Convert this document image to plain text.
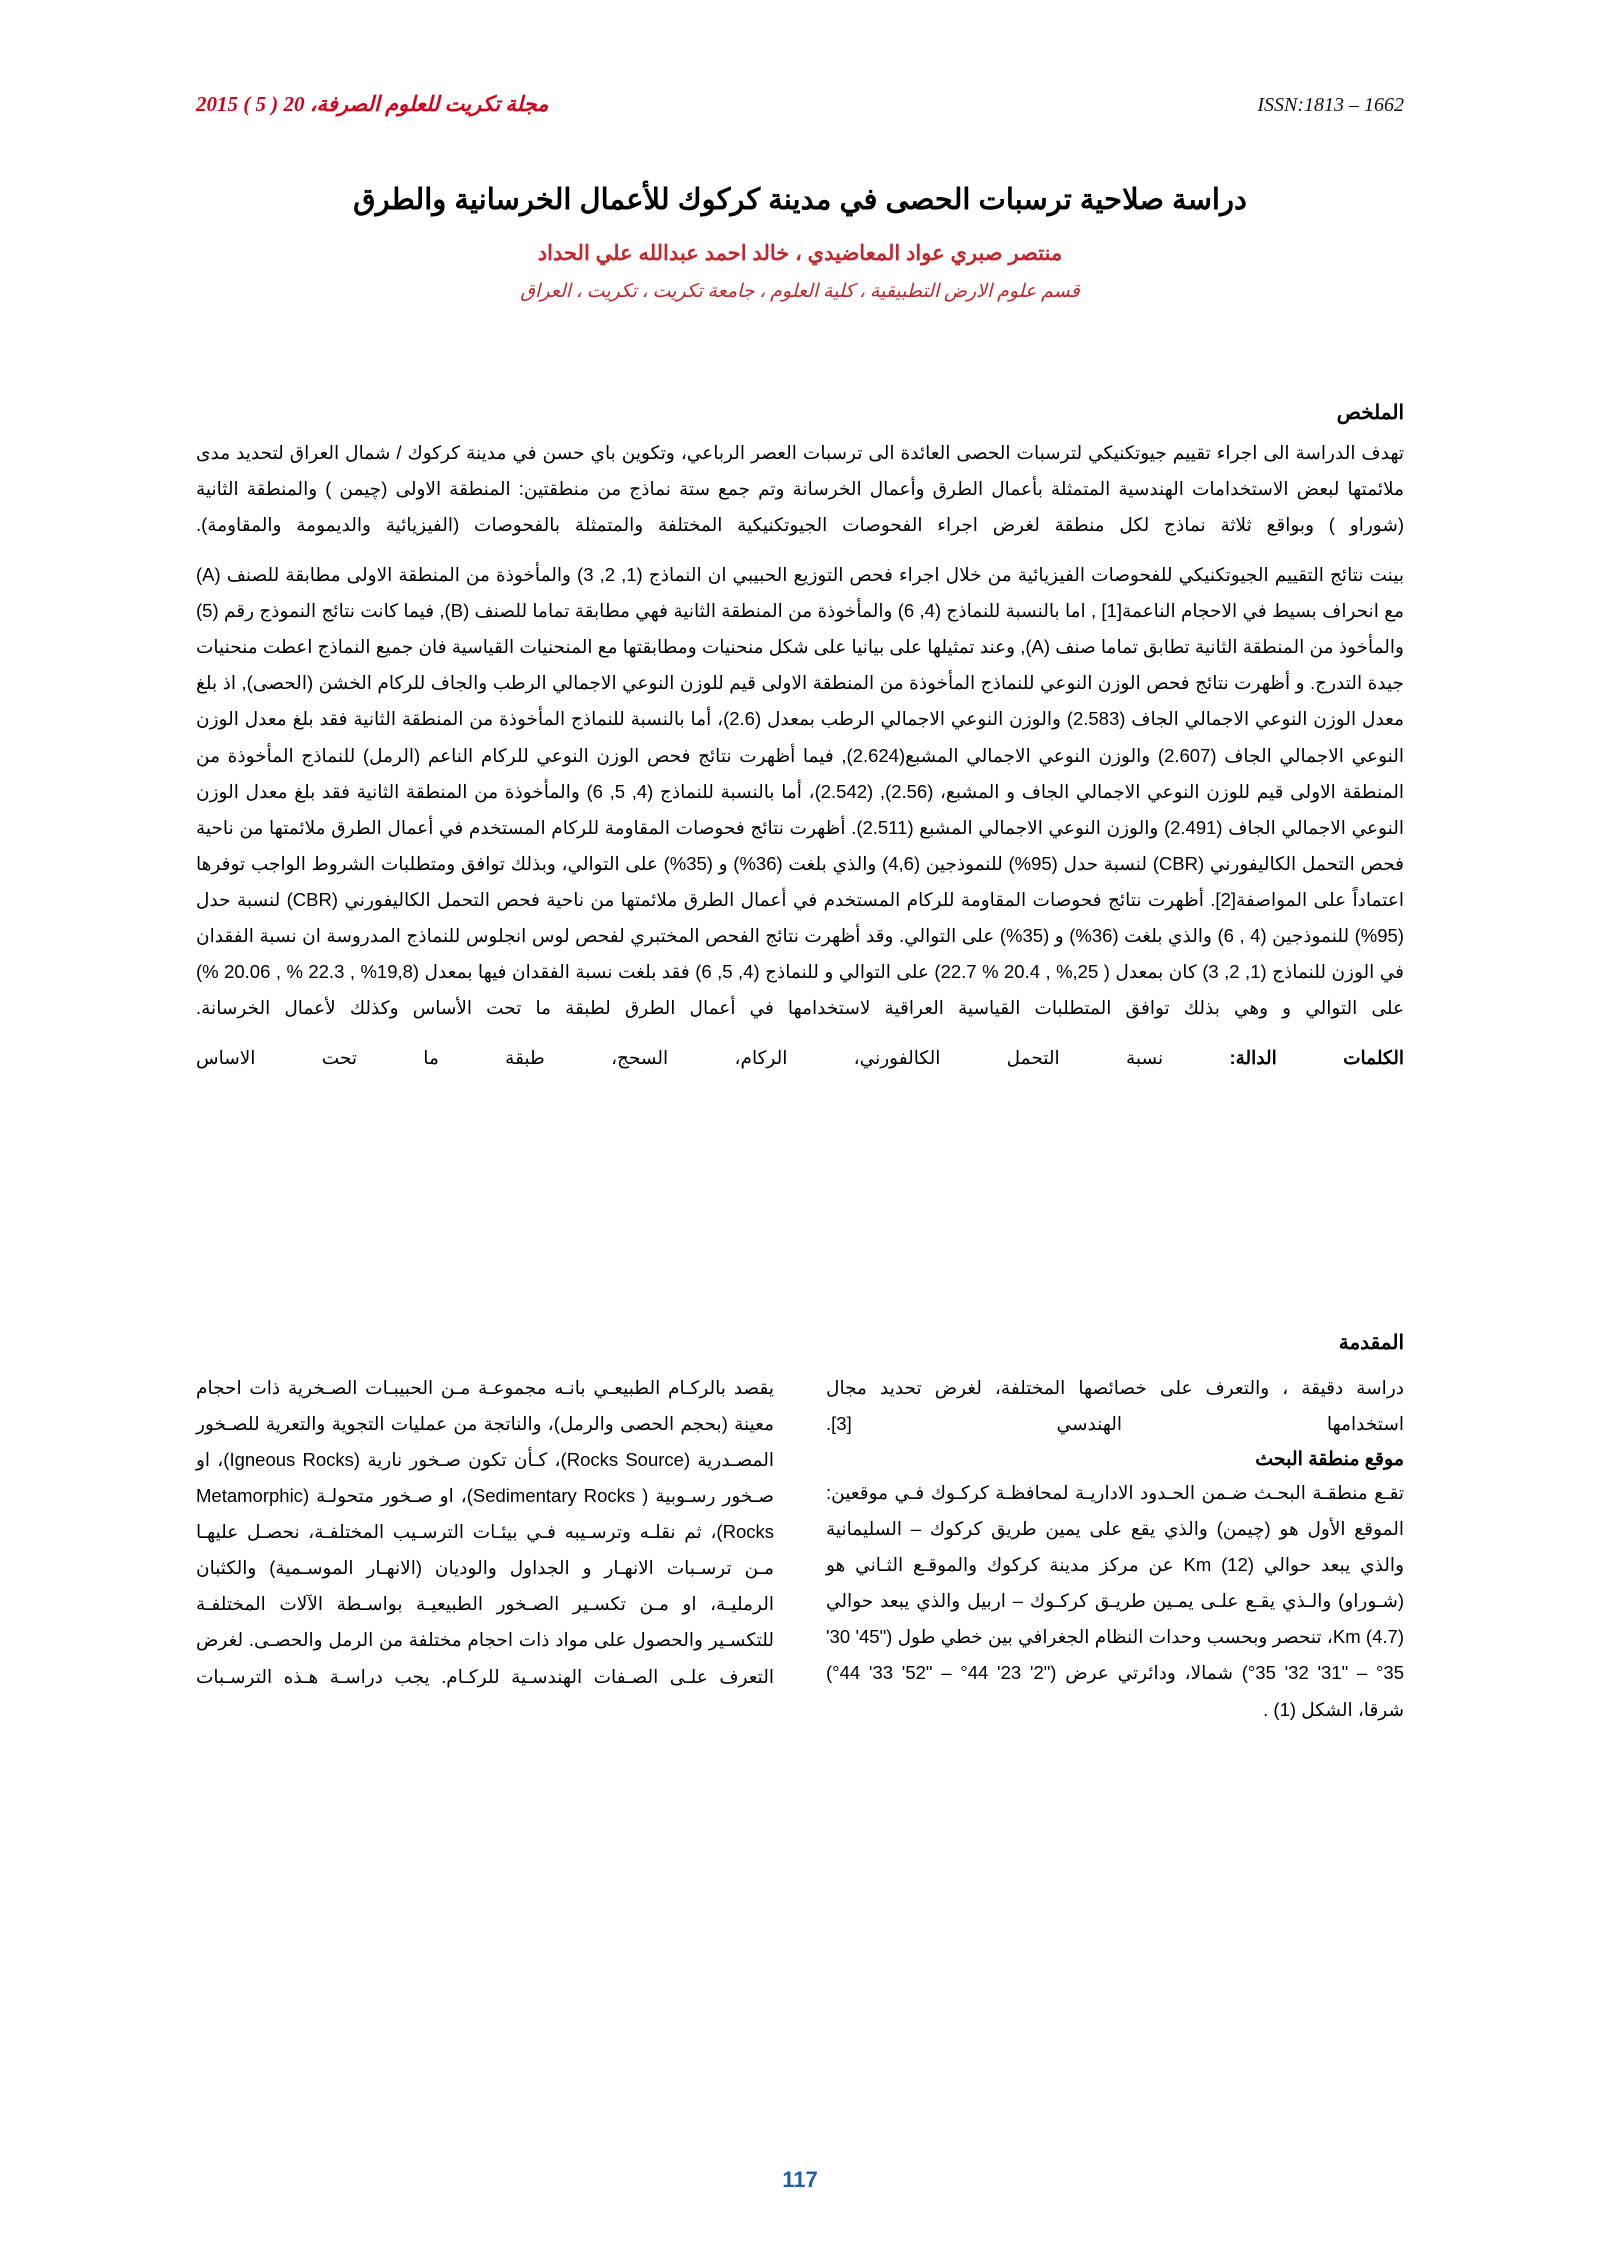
مجلة تكريت للعلوم الصرفة، 20 ( 5 ) 2015	ISSN:1813 – 1662
دراسة صلاحية ترسبات الحصى في مدينة كركوك للأعمال الخرسانية والطرق
منتصر صبري عواد المعاضيدي ، خالد احمد عبدالله علي الحداد
قسم علوم الارض التطبيقية ، كلية العلوم ، جامعة تكريت ، تكريت ، العراق
الملخص

تهدف الدراسة الى اجراء تقييم جيوتكنيكي لترسبات الحصى العائدة الى ترسبات العصر الرباعي، وتكوين باي حسن في مدينة كركوك / شمال العراق لتحديد مدى ملائمتها لبعض الاستخدامات الهندسية المتمثلة بأعمال الطرق وأعمال الخرسانة وتم جمع ستة نماذج من منطقتين: المنطقة الاولى (چيمن ) والمنطقة الثانية (شوراو ) وبواقع ثلاثة نماذج لكل منطقة لغرض اجراء الفحوصات الجيوتكنيكية المختلفة والمتمثلة بالفحوصات (الفيزيائية والديمومة والمقاومة).

بينت نتائج التقييم الجيوتكنيكي للفحوصات الفيزيائية من خلال اجراء فحص التوزيع الحبيبي ان النماذج (1, 2, 3) والمأخوذة من المنطقة الاولى مطابقة للصنف (A) مع انحراف بسيط في الاحجام الناعمة[1] , اما بالنسبة للنماذج (4, 6) والمأخوذة من المنطقة الثانية فهي مطابقة تماما للصنف (B), فيما كانت نتائج النموذج رقم (5) والمأخوذ من المنطقة الثانية تطابق تماما صنف (A), وعند تمثيلها على بيانيا على شكل منحنيات ومطابقتها مع المنحنيات القياسية فان جميع النماذج اعطت منحنيات جيدة التدرج. و أظهرت نتائج فحص الوزن النوعي للنماذج المأخوذة من المنطقة الاولى قيم للوزن النوعي الاجمالي الرطب والجاف للركام الخشن (الحصى), اذ بلغ معدل الوزن النوعي الاجمالي الجاف (2.583) والوزن النوعي الاجمالي الرطب بمعدل (2.6)، أما بالنسبة للنماذج المأخوذة من المنطقة الثانية فقد بلغ معدل الوزن النوعي الاجمالي الجاف (2.607) والوزن النوعي الاجمالي المشبع(2.624), فيما أظهرت نتائج فحص الوزن النوعي للركام الناعم (الرمل) للنماذج المأخوذة من المنطقة الاولى قيم للوزن النوعي الاجمالي الجاف و المشبع، (2.56), (2.542)، أما بالنسبة للنماذج (4, 5, 6) والمأخوذة من المنطقة الثانية فقد بلغ معدل الوزن النوعي الاجمالي الجاف (2.491) والوزن النوعي الاجمالي المشبع (2.511). أظهرت نتائج فحوصات المقاومة للركام المستخدم في أعمال الطرق ملائمتها من ناحية فحص التحمل الكاليفورني (CBR) لنسبة حدل (95%) للنموذجين (4,6) والذي بلغت (36%) و (35%) على التوالي، وبذلك توافق ومتطلبات الشروط الواجب توفرها اعتماداً على المواصفة[2]. أظهرت نتائج فحوصات المقاومة للركام المستخدم في أعمال الطرق ملائمتها من ناحية فحص التحمل الكاليفورني (CBR) لنسبة حدل (95%) للنموذجين (4 , 6) والذي بلغت (36%) و (35%) على التوالي. وقد أظهرت نتائج الفحص المختبري لفحص لوس انجلوس للنماذج المدروسة ان نسبة الفقدان في الوزن للنماذج (1, 2, 3) كان بمعدل ( 25,% , 20.4 % 22.7) على التوالي و للنماذج (4, 5, 6) فقد بلغت نسبة الفقدان فيها بمعدل (19,8% , 22.3 % , 20.06 %) على التوالي و وهي بذلك توافق المتطلبات القياسية العراقية لاستخدامها في أعمال الطرق لطبقة ما تحت الأساس وكذلك لأعمال الخرسانة.

الكلمات الدالة: نسبة التحمل الكالفورني، الركام، السحج، طبقة ما تحت الاساس

المقدمة

دراسة دقيقة ، والتعرف على خصائصها المختلفة، لغرض تحديد مجال استخدامها الهندسي [3].

موقع منطقة البحث

تقـع منطقـة البحـث ضـمن الحـدود الاداريـة لمحافظـة كركـوك فـي موقعين: الموقع الأول هو (چيمن) والذي يقع على يمين طريق كركوك – السليمانية والذي يبعد حوالي (12) Km عن مركز مدينة كركوك والموقـع الثـاني هو (شـوراو) والـذي يقـع علـى يمـين طريـق كركـوك – اربيل والذي يبعد حوالي (4.7) Km، تنحصر وبحسب وحدات النظام الجغرافي بين خطي طول ("45' 30' 35° – "31' 32' 35°) شمالا، ودائرتي عرض ("2' 23' 44° – "52' 33' 44°) شرقا، الشكل (1) .

يقصد بالركـام الطبيعـي بانـه مجموعـة مـن الحبيبـات الصـخرية ذات احجام معينة (بحجم الحصى والرمل)، والناتجة من عمليات التجوية والتعرية للصـخور المصـدرية (Rocks Source)، كـأن تكون صـخور نارية (Igneous Rocks)، او صـخور رسـوبية ( Sedimentary Rocks)، او صـخور متحولـة (Metamorphic Rocks)، ثم نقلـه وترسـيبه فـي بيئـات الترسـيب المختلفـة، نحصـل عليهـا مـن ترسـبات الانهـار و الجداول والوديان (الانهـار الموسـمية) والكثبان الرمليـة، او مـن تكسـير الصـخور الطبيعيـة بواسـطة الآلات المختلفـة للتكسـير والحصول على مواد ذات احجام مختلفة من الرمل والحصـى. لغرض التعرف علـى الصـفات الهندسـية للركـام. يجب دراسـة هـذه الترسـبات

117
